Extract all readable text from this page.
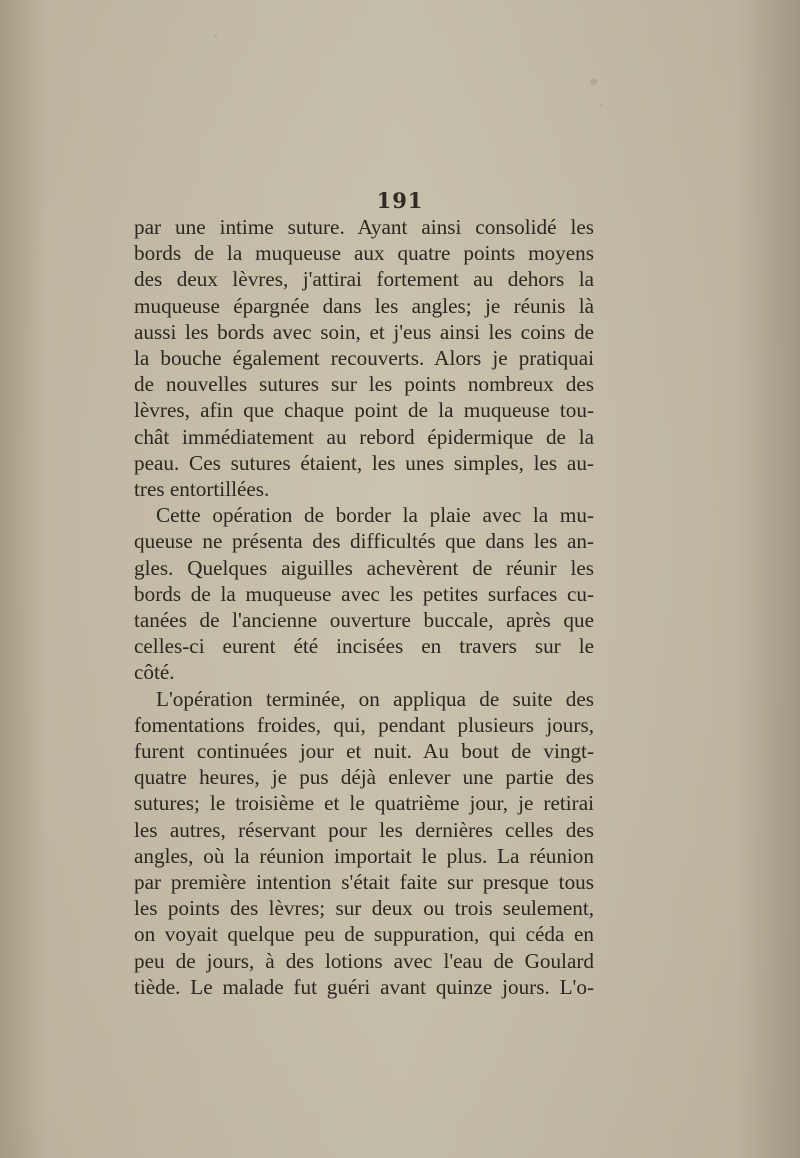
191

par une intime suture. Ayant ainsi consolidé les
bords de la muqueuse aux quatre points moyens
des deux lèvres, j'attirai fortement au dehors la
muqueuse épargnée dans les angles; je réunis là
aussi les bords avec soin, et j'eus ainsi les coins de
la bouche également recouverts. Alors je pratiquai
de nouvelles sutures sur les points nombreux des
lèvres, afin que chaque point de la muqueuse tou-
chât immédiatement au rebord épidermique de la
peau. Ces sutures étaient, les unes simples, les au-
tres entortillées.

Cette opération de border la plaie avec la mu-
queuse ne présenta des difficultés que dans les an-
gles. Quelques aiguilles achevèrent de réunir les
bords de la muqueuse avec les petites surfaces cu-
tanées de l'ancienne ouverture buccale, après que
celles-ci eurent été incisées en travers sur le
côté.

L'opération terminée, on appliqua de suite des
fomentations froides, qui, pendant plusieurs jours,
furent continuées jour et nuit. Au bout de vingt-
quatre heures, je pus déjà enlever une partie des
sutures; le troisième et le quatrième jour, je retirai
les autres, réservant pour les dernières celles des
angles, où la réunion importait le plus. La réunion
par première intention s'était faite sur presque tous
les points des lèvres; sur deux ou trois seulement,
on voyait quelque peu de suppuration, qui céda en
peu de jours, à des lotions avec l'eau de Goulard
tiède. Le malade fut guéri avant quinze jours. L'o-
